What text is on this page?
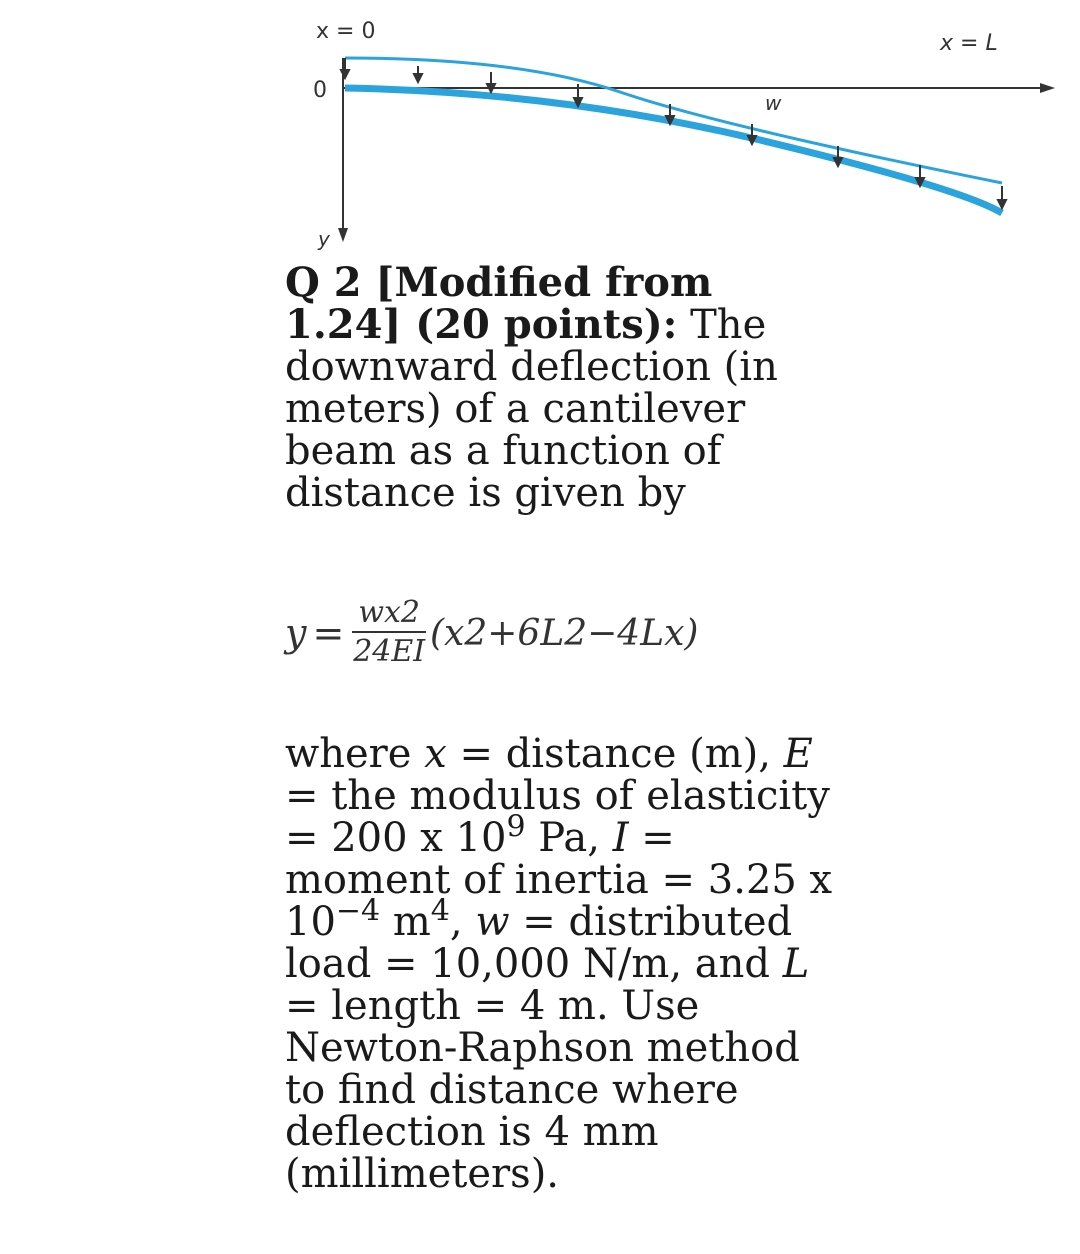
x = 0	x = L
0
y
w
Q 2 [Modified from 1.24] (20 points): The downward deflection (in meters) of a cantilever beam as a function of distance is given by
$y = \frac{wx2}{24EI} (x2+6L2-4Lx)$
where x = distance (m), E = the modulus of elasticity = 200 x $10^9$ Pa, I = moment of inertia = 3.25 x $10^{-4}$ $m^4$, w = distributed load = 10,000 N/m, and L = length = 4 m. Use Newton-Raphson method to find distance where deflection is 4 mm (millimeters).
